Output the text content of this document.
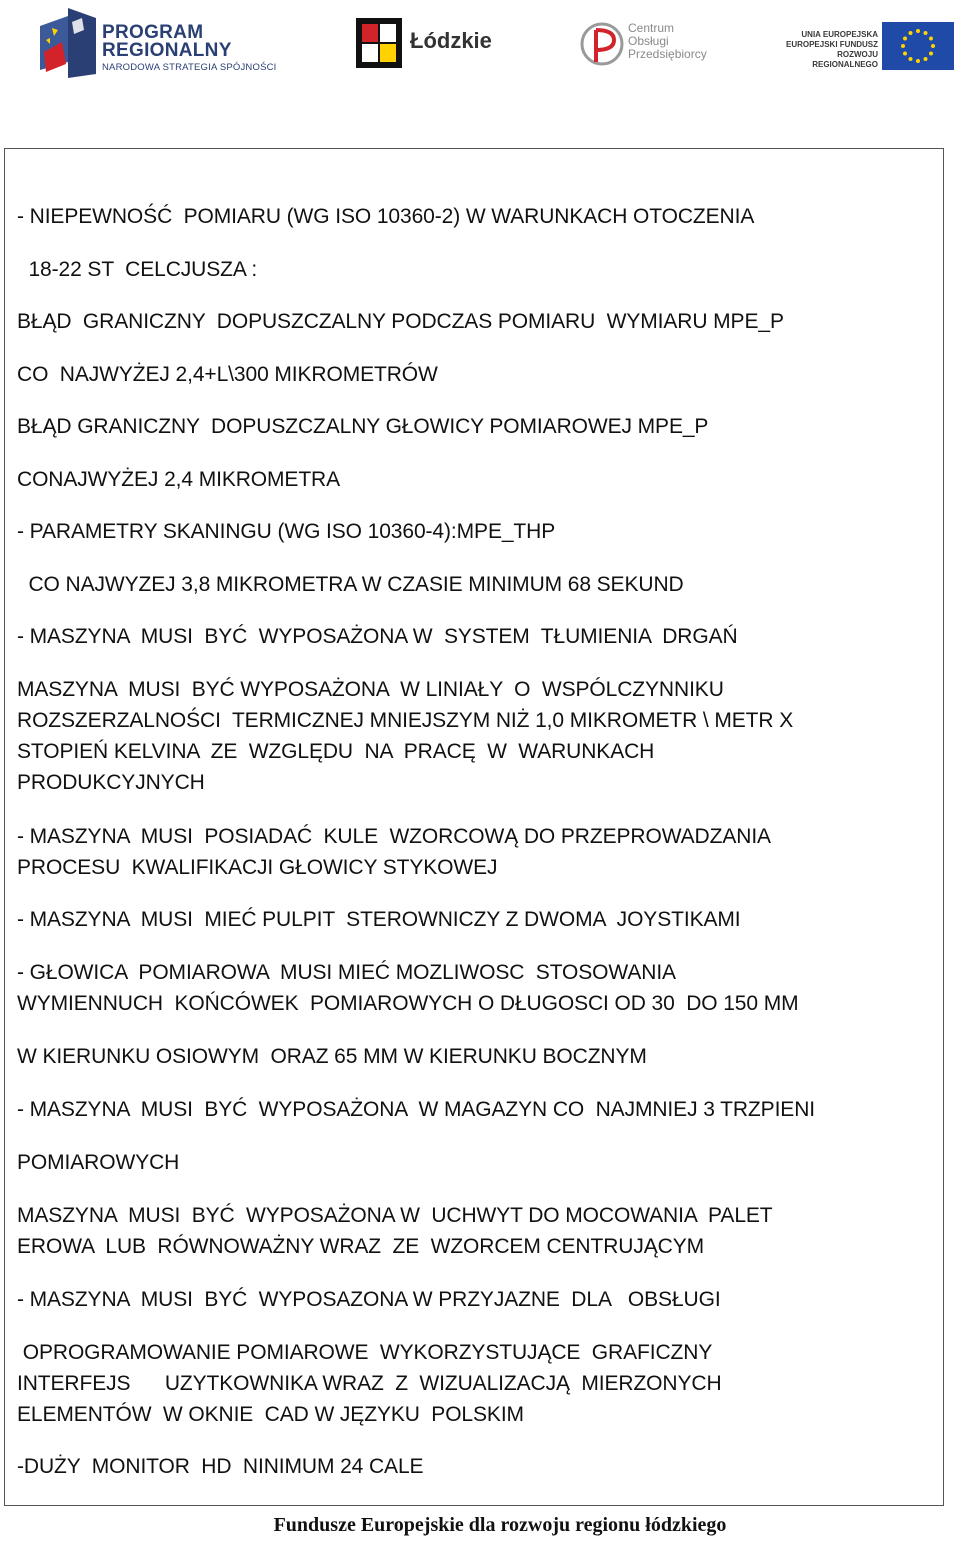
PROGRAM
REGIONALNY
NARODOWA STRATEGIA SPÓJNOŚCI
Łódzkie	Centrum
Obsługi
Przedsiębiorcy
UNIA EUROPEJSKA
EUROPEJSKI FUNDUSZ
ROZWOJU REGIONALNEGO
- NIEPEWNOŚĆ  POMIARU (WG ISO 10360-2) W WARUNKACH OTOCZENIA
18-22 ST  CELCJUSZA :
BŁĄD  GRANICZNY  DOPUSZCZALNY PODCZAS POMIARU  WYMIARU MPE_P
CO  NAJWYŻEJ 2,4+L\300 MIKROMETRÓW
BŁĄD GRANICZNY  DOPUSZCZALNY GŁOWICY POMIAROWEJ MPE_P
CONAJWYŻEJ 2,4 MIKROMETRA
- PARAMETRY SKANINGU (WG ISO 10360-4):MPE_THP
CO NAJWYZEJ 3,8 MIKROMETRA W CZASIE MINIMUM 68 SEKUND
- MASZYNA  MUSI  BYĆ  WYPOSAŻONA W  SYSTEM  TŁUMIENIA  DRGAŃ
MASZYNA  MUSI  BYĆ WYPOSAŻONA  W LINIAŁY  O  WSPÓLCZYNNIKU
ROZSZERZALNOŚCI  TERMICZNEJ MNIEJSZYM NIŻ 1,0 MIKROMETR \ METR X
STOPIEŃ KELVINA  ZE  WZGLĘDU  NA  PRACĘ  W  WARUNKACH
PRODUKCYJNYCH
- MASZYNA  MUSI  POSIADAĆ  KULE  WZORCOWĄ DO PRZEPROWADZANIA
PROCESU  KWALIFIKACJI GŁOWICY STYKOWEJ
- MASZYNA  MUSI  MIEĆ PULPIT  STEROWNICZY Z DWOMA  JOYSTIKAMI
- GŁOWICA  POMIAROWA  MUSI MIEĆ MOZLIWOSC  STOSOWANIA
WYMIENNUCH  KOŃCÓWEK  POMIAROWYCH O DŁUGOSCI OD 30  DO 150 MM
W KIERUNKU OSIOWYM  ORAZ 65 MM W KIERUNKU BOCZNYM
- MASZYNA  MUSI  BYĆ  WYPOSAŻONA  W MAGAZYN CO  NAJMNIEJ 3 TRZPIENI
POMIAROWYCH
MASZYNA  MUSI  BYĆ  WYPOSAŻONA W  UCHWYT DO MOCOWANIA  PALET
EROWA  LUB  RÓWNOWAŻNY WRAZ  ZE  WZORCEM CENTRUJĄCYM
- MASZYNA  MUSI  BYĆ  WYPOSAZONA W PRZYJAZNE  DLA   OBSŁUGI
OPROGRAMOWANIE POMIAROWE  WYKORZYSTUJĄCE  GRAFICZNY
INTERFEJS      UZYTKOWNIKA WRAZ  Z  WIZUALIZACJĄ  MIERZONYCH
ELEMENTÓW  W OKNIE  CAD W JĘZYKU  POLSKIM
-DUŻY  MONITOR  HD  NINIMUM 24 CALE
Fundusze Europejskie dla rozwoju regionu łódzkiego
